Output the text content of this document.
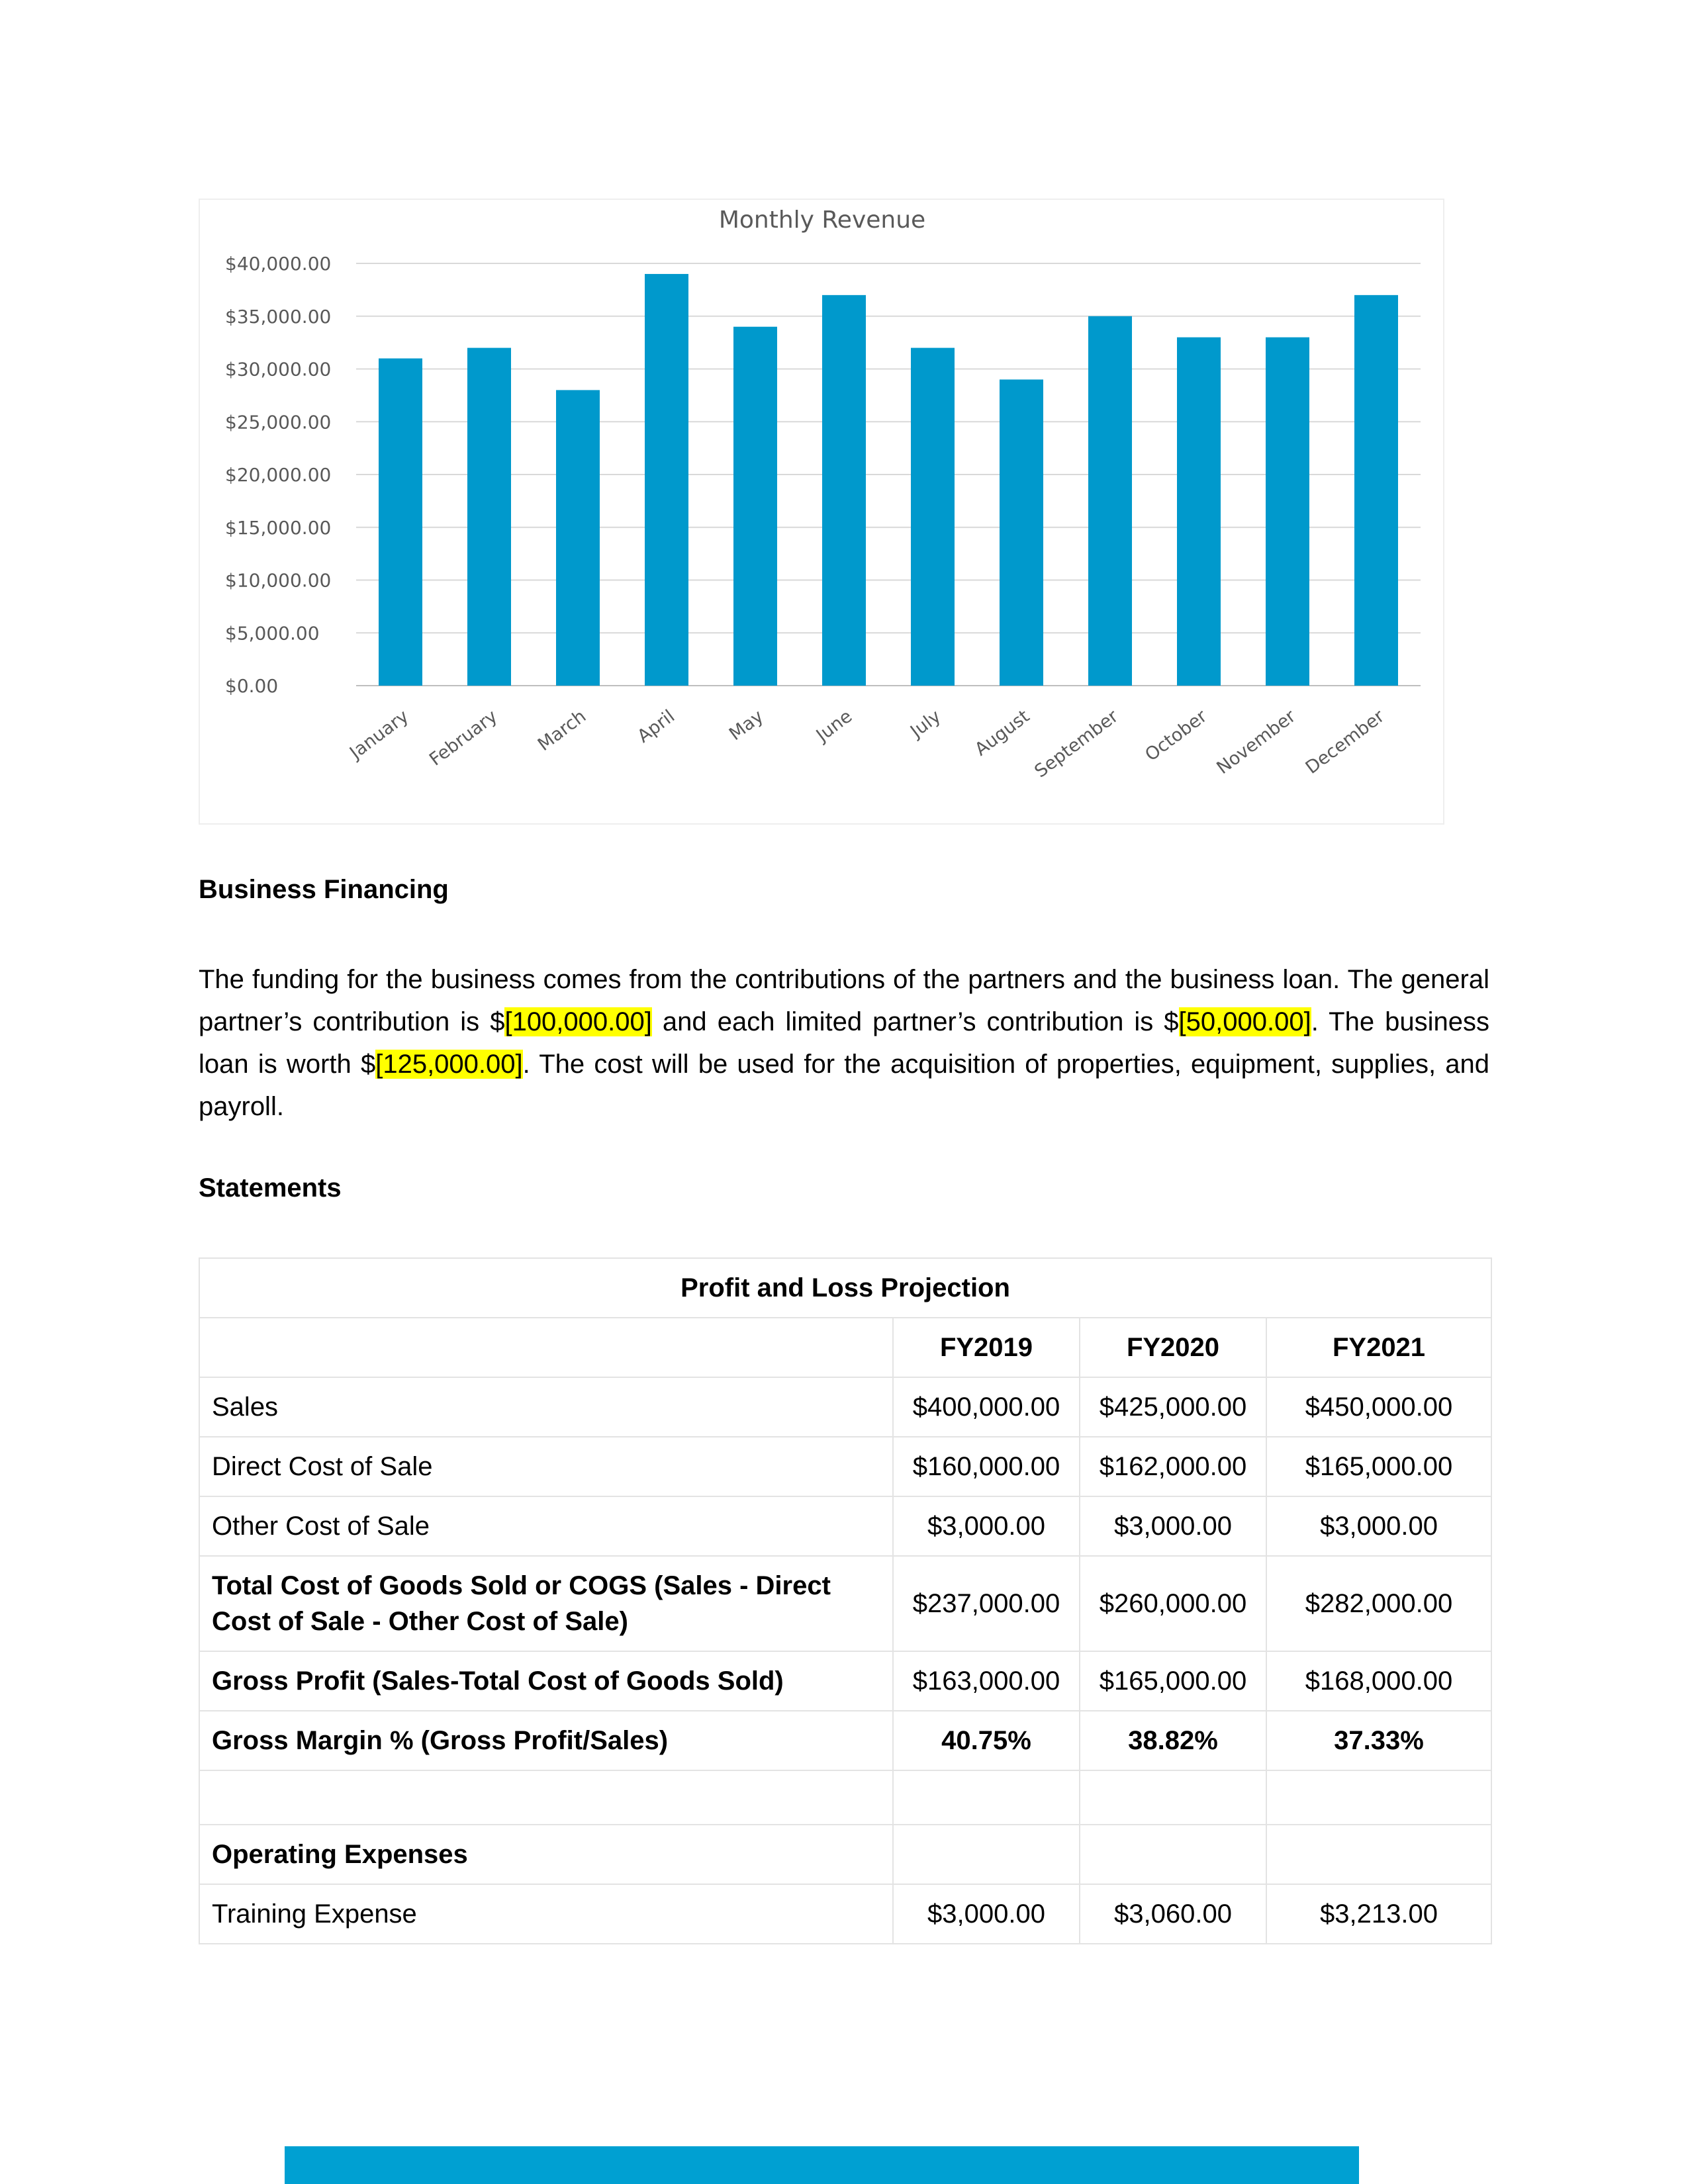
Monthly Revenue
$0.00
$5,000.00
$10,000.00
$15,000.00
$20,000.00
$25,000.00
$30,000.00
$35,000.00
$40,000.00
January February March April	May	June	July August
September October November December
Business Financing

The funding for the business comes from the contributions of the partners and the business loan. The general partner’s contribution is $[100,000.00] and each limited partner’s contribution is $[50,000.00]. The business loan is worth $[125,000.00]. The cost will be used for the acquisition of properties, equipment, supplies, and payroll.

Statements
Profit and Loss Projection			
	FY2019	FY2020	FY2021
Sales	$400,000.00	$425,000.00	$450,000.00
Direct Cost of Sale	$160,000.00	$162,000.00	$165,000.00
Other Cost of Sale	$3,000.00	$3,000.00	$3,000.00
Total Cost of Goods Sold or COGS (Sales - Direct Cost of Sale - Other Cost of Sale)	$237,000.00	$260,000.00	$282,000.00
Gross Profit (Sales-Total Cost of Goods Sold)	$163,000.00	$165,000.00	$168,000.00
Gross Margin % (Gross Profit/Sales)	40.75%	38.82%	37.33%

Operating Expenses			
Training Expense	$3,000.00	$3,060.00	$3,213.00
